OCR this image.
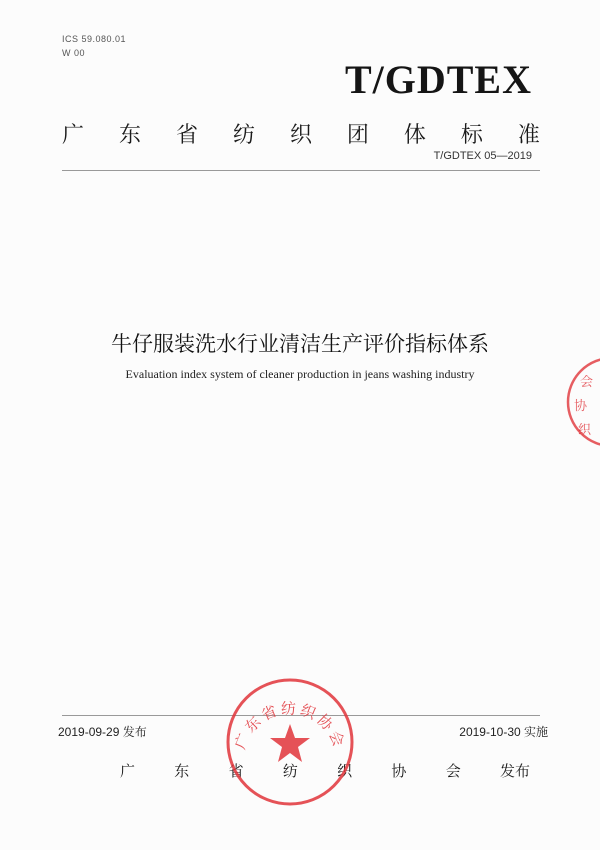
ICS 59.080.01
W 00
T/GDTEX
广 东 省 纺 织 团 体 标 准
T/GDTEX 05—2019
牛仔服装洗水行业清洁生产评价指标体系
Evaluation index system of cleaner production in jeans washing industry
会
协
织
2019-09-29 发布	2019-10-30 实施
广	东	省	纺	织	协	会	发布
广东省纺织协会
